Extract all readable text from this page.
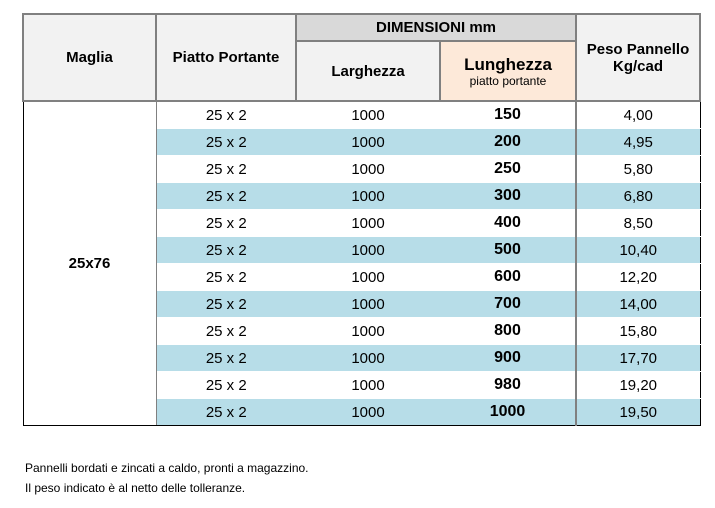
Maglia	Piatto Portante	DIMENSIONI mm		Peso Pannello
Kg/cad

		Larghezza	Lunghezza
piatto portante	

25x76	25 x 2	1000	150	4,00
	25 x 2	1000	200	4,95
	25 x 2	1000	250	5,80
	25 x 2	1000	300	6,80
	25 x 2	1000	400	8,50
	25 x 2	1000	500	10,40
	25 x 2	1000	600	12,20
	25 x 2	1000	700	14,00
	25 x 2	1000	800	15,80
	25 x 2	1000	900	17,70
	25 x 2	1000	980	19,20
	25 x 2	1000	1000	19,50
Pannelli bordati e zincati a caldo, pronti a magazzino.
Il peso indicato è al netto delle tolleranze.
